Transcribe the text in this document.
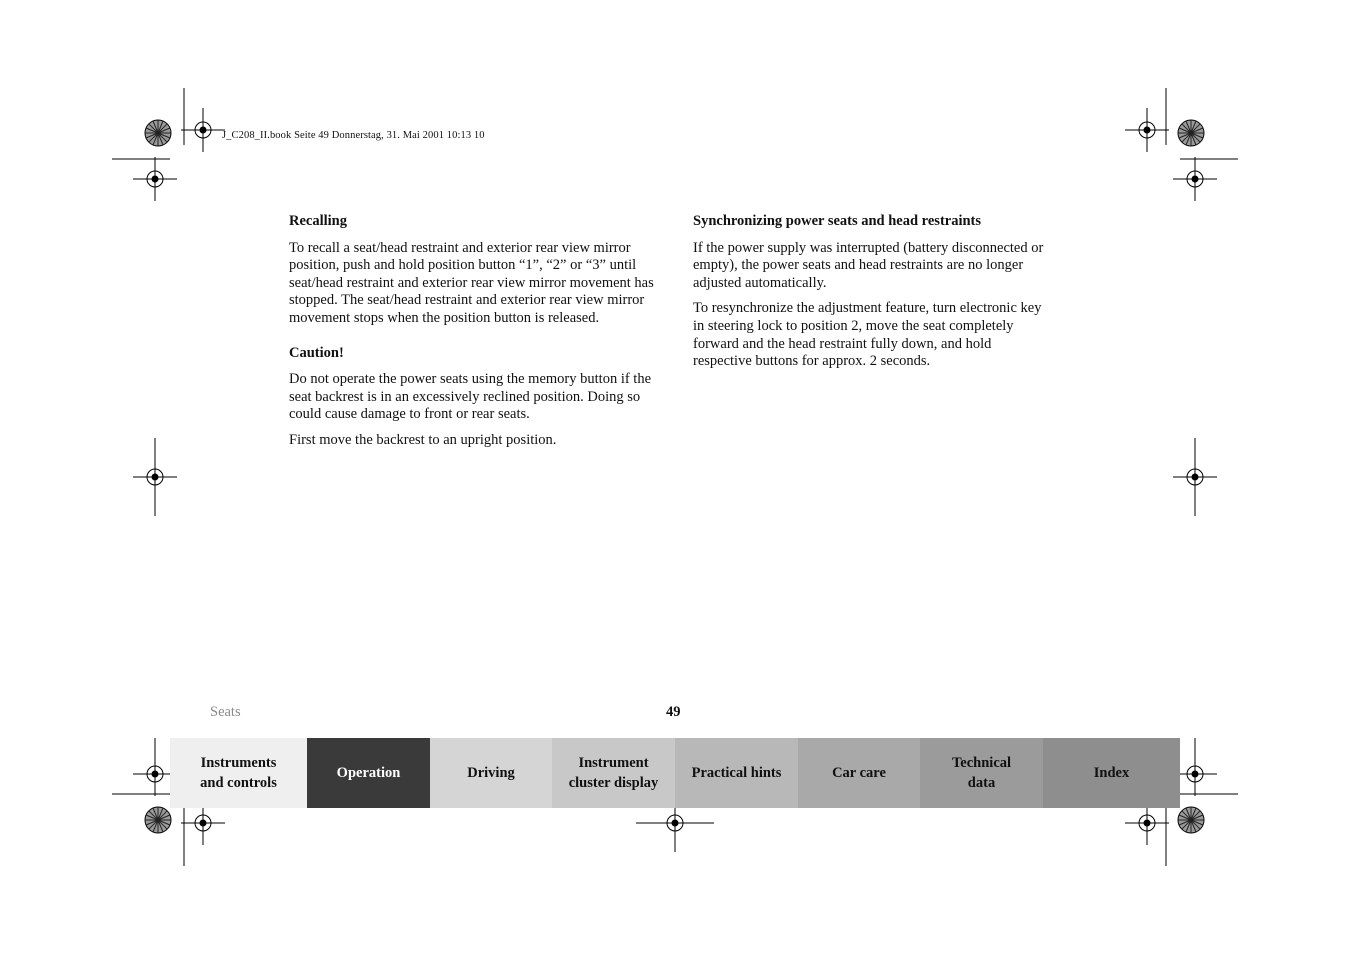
J_C208_II.book Seite 49 Donnerstag, 31. Mai 2001 10:13 10
Recalling

To recall a seat/head restraint and exterior rear view mirror position, push and hold position button “1”, “2” or “3” until seat/head restraint and exterior rear view mirror movement has stopped. The seat/head restraint and exterior rear view mirror movement stops when the position button is released.

Caution!

Do not operate the power seats using the memory button if the seat backrest is in an excessively reclined position. Doing so could cause damage to front or rear seats.

First move the backrest to an upright position.

Synchronizing power seats and head restraints

If the power supply was interrupted (battery disconnected or empty), the power seats and head restraints are no longer adjusted automatically.

To resynchronize the adjustment feature, turn electronic key in steering lock to position 2, move the seat completely forward and the head restraint fully down, and hold respective buttons for approx. 2 seconds.

Seats	49
Instruments
and controls
Operation	Driving
Instrument
cluster display
Practical hints	Car care
Technical
data
Index
